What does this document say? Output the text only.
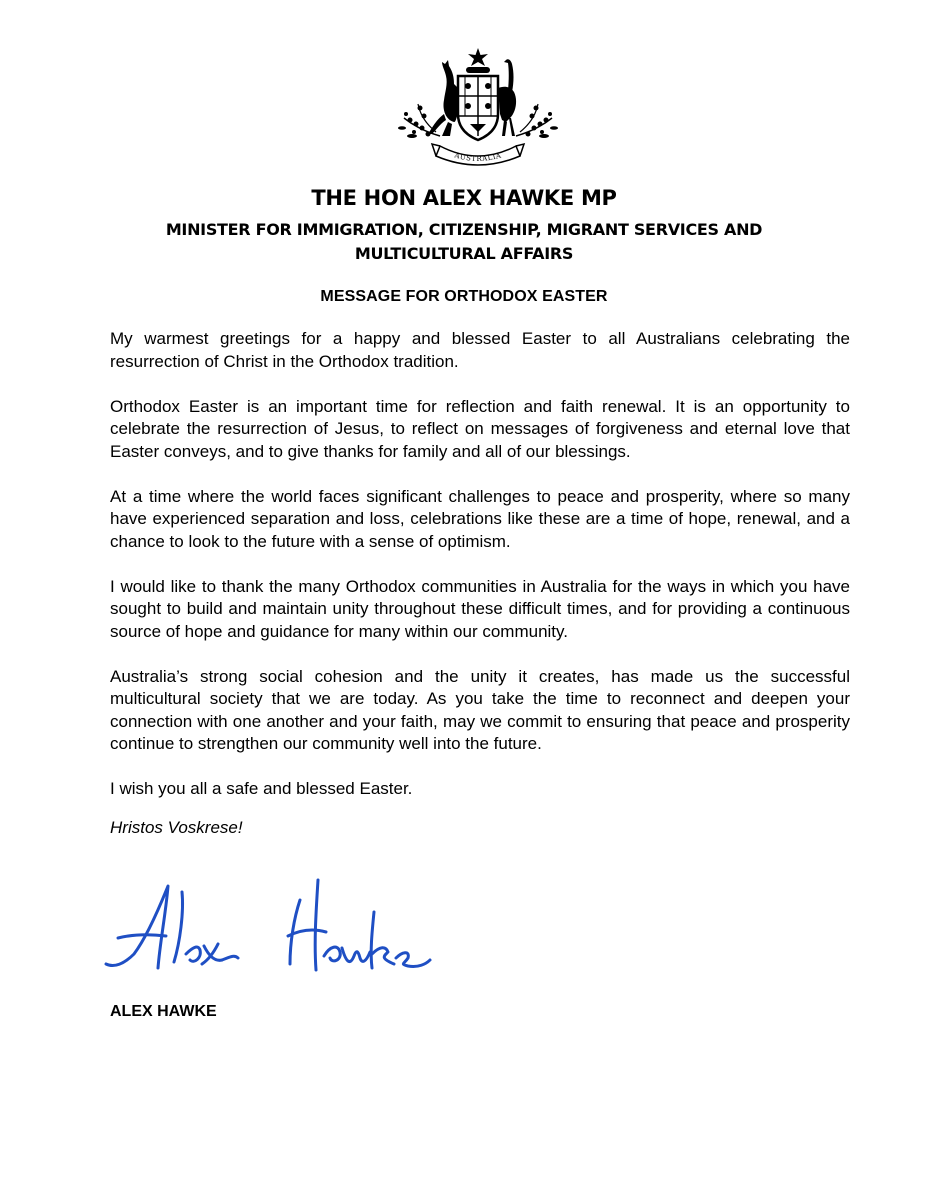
AUSTRALIA
THE HON ALEX HAWKE MP
MINISTER FOR IMMIGRATION, CITIZENSHIP, MIGRANT SERVICES AND MULTICULTURAL AFFAIRS
MESSAGE FOR ORTHODOX EASTER

My warmest greetings for a happy and blessed Easter to all Australians celebrating the resurrection of Christ in the Orthodox tradition.

Orthodox Easter is an important time for reflection and faith renewal. It is an opportunity to celebrate the resurrection of Jesus, to reflect on messages of forgiveness and eternal love that Easter conveys, and to give thanks for family and all of our blessings.

At a time where the world faces significant challenges to peace and prosperity, where so many have experienced separation and loss, celebrations like these are a time of hope, renewal, and a chance to look to the future with a sense of optimism.

I would like to thank the many Orthodox communities in Australia for the ways in which you have sought to build and maintain unity throughout these difficult times, and for providing a continuous source of hope and guidance for many within our community.

Australia’s strong social cohesion and the unity it creates, has made us the successful multicultural society that we are today. As you take the time to reconnect and deepen your connection with one another and your faith, may we commit to ensuring that peace and prosperity continue to strengthen our community well into the future.

I wish you all a safe and blessed Easter.

Hristos Voskrese!

ALEX HAWKE
